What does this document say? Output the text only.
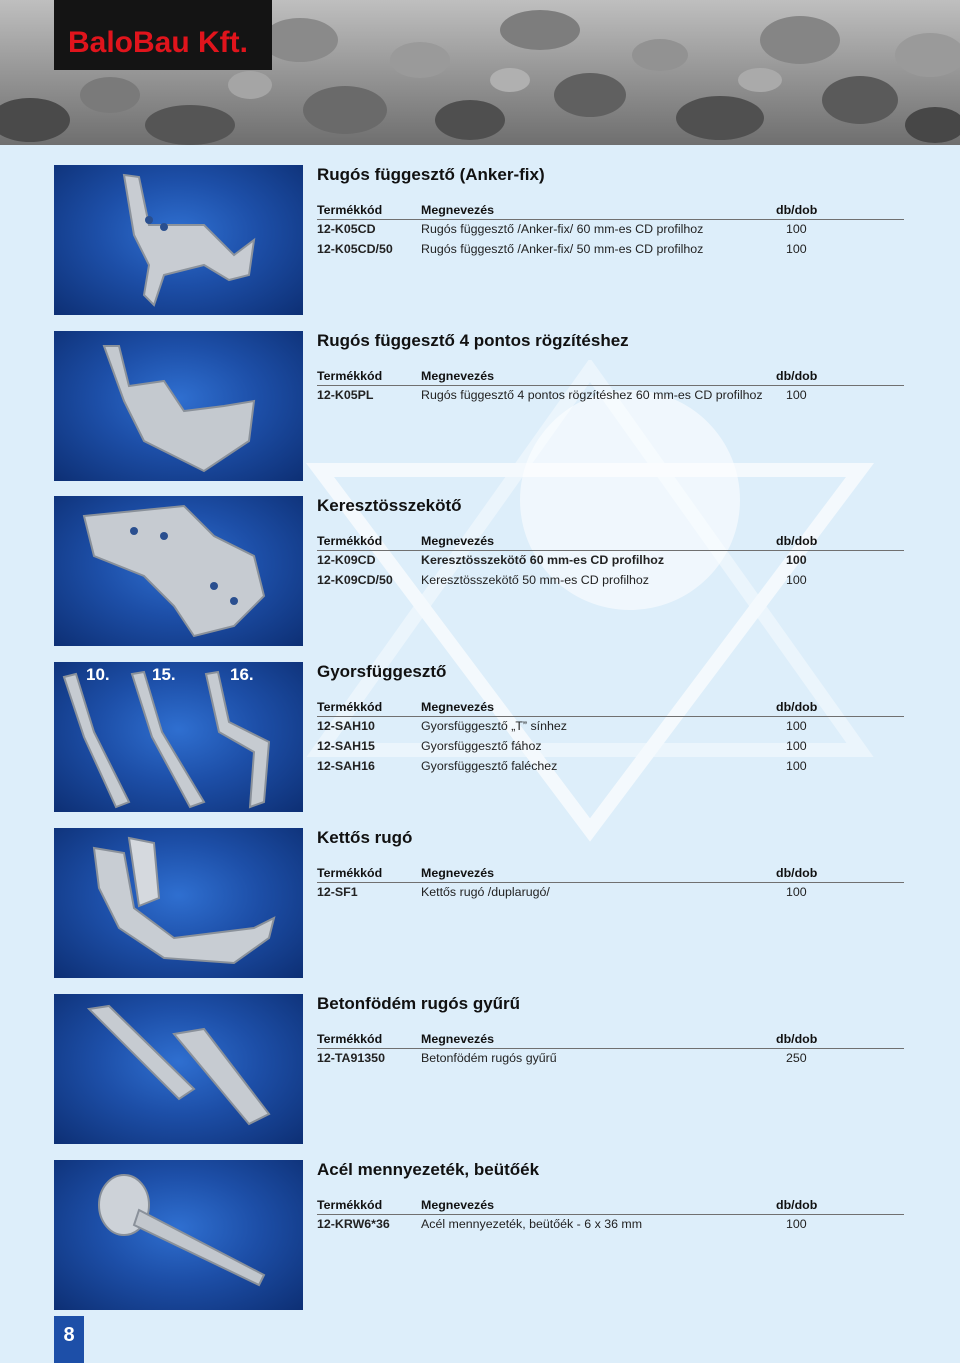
BaloBau Kft.
Rugós függesztő (Anker-fix)
Termékkód	Megnevezés	db/dob
12-K05CD	Rugós függesztő /Anker-fix/ 60 mm-es CD profilhoz	100
12-K05CD/50	Rugós függesztő /Anker-fix/ 50 mm-es CD profilhoz	100
Rugós függesztő 4 pontos rögzítéshez
Termékkód	Megnevezés	db/dob
12-K05PL	Rugós függesztő 4 pontos rögzítéshez 60 mm-es CD profilhoz	100
Keresztösszekötő
Termékkód	Megnevezés	db/dob
12-K09CD	Keresztösszekötő 60 mm-es CD profilhoz	100
12-K09CD/50	Keresztösszekötő 50 mm-es CD profilhoz	100
10. 15.	16.	Gyorsfüggesztő
Termékkód	Megnevezés	db/dob
12-SAH10	Gyorsfüggesztő „T” sínhez	100
12-SAH15	Gyorsfüggesztő fához	100
12-SAH16	Gyorsfüggesztő faléchez	100
Kettős rugó
Termékkód	Megnevezés	db/dob
12-SF1	Kettős rugó /duplarugó/	100
Betonfödém rugós gyűrű
Termékkód	Megnevezés	db/dob
12-TA91350	Betonfödém rugós gyűrű	250
Acél mennyezeték, beütőék
Termékkód	Megnevezés	db/dob
12-KRW6*36	Acél mennyezeték, beütőék - 6 x 36 mm	100
8
